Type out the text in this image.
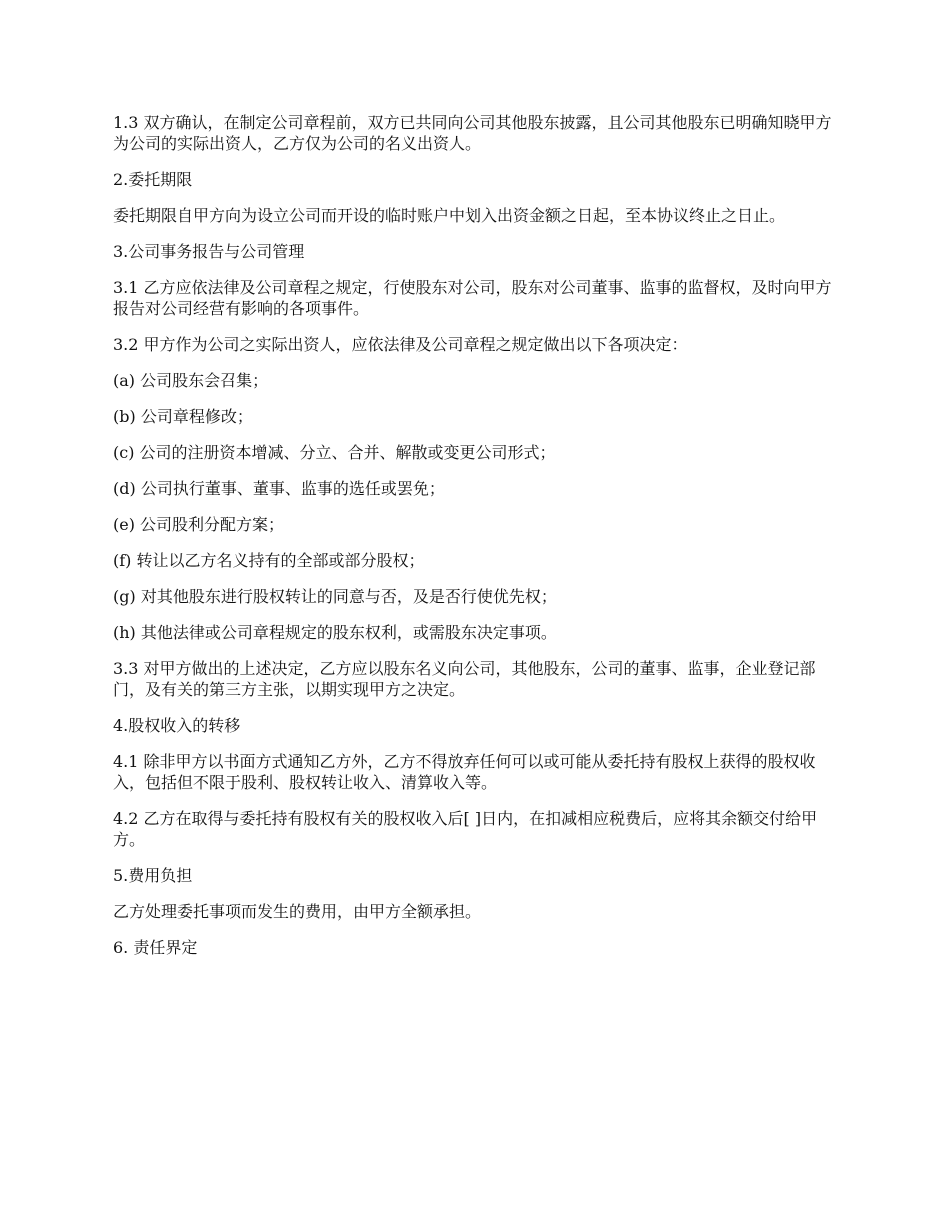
1.3 双方确认，在制定公司章程前，双方已共同向公司其他股东披露，且公司其他股东已明确知晓甲方为公司的实际出资人，乙方仅为公司的名义出资人。

2.委托期限

委托期限自甲方向为设立公司而开设的临时账户中划入出资金额之日起，至本协议终止之日止。

3.公司事务报告与公司管理

3.1 乙方应依法律及公司章程之规定，行使股东对公司，股东对公司董事、监事的监督权，及时向甲方报告对公司经营有影响的各项事件。

3.2 甲方作为公司之实际出资人，应依法律及公司章程之规定做出以下各项决定：

(a) 公司股东会召集；

(b) 公司章程修改；

(c) 公司的注册资本增减、分立、合并、解散或变更公司形式；

(d) 公司执行董事、董事、监事的选任或罢免；

(e) 公司股利分配方案；

(f) 转让以乙方名义持有的全部或部分股权；

(g) 对其他股东进行股权转让的同意与否，及是否行使优先权；

(h) 其他法律或公司章程规定的股东权利，或需股东决定事项。

3.3 对甲方做出的上述决定，乙方应以股东名义向公司，其他股东，公司的董事、监事，企业登记部门，及有关的第三方主张，以期实现甲方之决定。

4.股权收入的转移

4.1 除非甲方以书面方式通知乙方外，乙方不得放弃任何可以或可能从委托持有股权上获得的股权收入，包括但不限于股利、股权转让收入、清算收入等。

4.2 乙方在取得与委托持有股权有关的股权收入后[ ]日内，在扣减相应税费后，应将其余额交付给甲方。

5.费用负担

乙方处理委托事项而发生的费用，由甲方全额承担。

6. 责任界定
